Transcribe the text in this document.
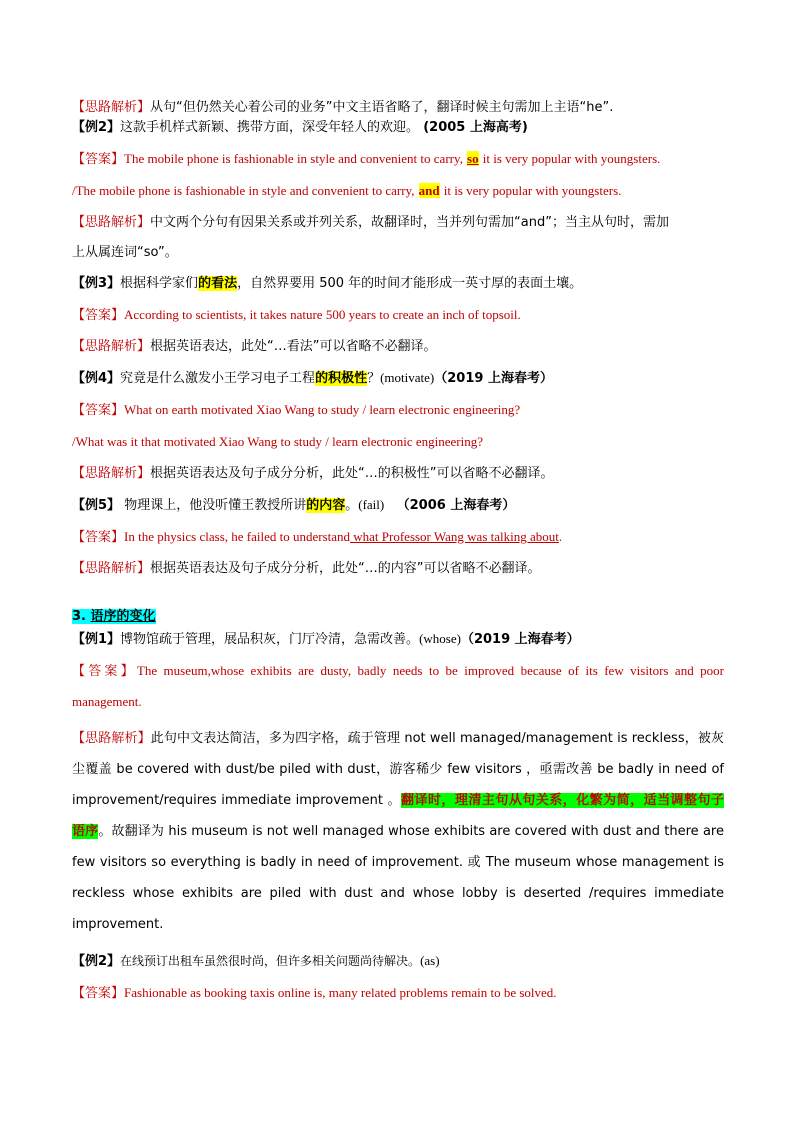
【思路解析】从句“但仍然关心着公司的业务”中文主语省略了，翻译时候主句需加上主语“he”.

【例2】这款手机样式新颖、携带方面，深受年轻人的欢迎。 (2005 上海高考)

【答案】The mobile phone is fashionable in style and convenient to carry, so it is very popular with youngsters.

/The mobile phone is fashionable in style and convenient to carry, and it is very popular with youngsters.

【思路解析】中文两个分句有因果关系或并列关系，故翻译时，当并列句需加“and”；当主从句时，需加

上从属连词“so”。

【例3】根据科学家们的看法，自然界要用 500 年的时间才能形成一英寸厚的表面土壤。

【答案】According to scientists, it takes nature 500 years to create an inch of topsoil.

【思路解析】根据英语表达，此处“…看法”可以省略不必翻译。

【例4】究竟是什么激发小王学习电子工程的积极性？(motivate)（2019 上海春考）

【答案】What on earth motivated Xiao Wang to study / learn electronic engineering?

/What was it that motivated Xiao Wang to study / learn electronic engineering?

【思路解析】根据英语表达及句子成分分析，此处“…的积极性”可以省略不必翻译。

【例5】 物理课上，他没听懂王教授所讲的内容。(fail) （2006 上海春考）

【答案】In the physics class, he failed to understand what Professor Wang was talking about.

【思路解析】根据英语表达及句子成分分析，此处“…的内容”可以省略不必翻译。

3. 语序的变化

【例1】博物馆疏于管理，展品积灰，门厅冷清，急需改善。(whose)（2019 上海春考）

【答案】The museum,whose exhibits are dusty, badly needs to be improved because of its few visitors and poor

management.

【思路解析】此句中文表达简洁，多为四字格，疏于管理 not well managed/management is reckless，被灰尘覆盖 be covered with dust/be piled with dust，游客稀少 few visitors ，亟需改善 be badly in need of improvement/requires immediate improvement 。翻译时，理清主句从句关系，化繁为简，适当调整句子语序。故翻译为 his museum is not well managed whose exhibits are covered with dust and there are few visitors so everything is badly in need of improvement. 或 The museum whose management is reckless whose exhibits are piled with dust and whose lobby is deserted /requires immediate improvement.

【例2】在线预订出租车虽然很时尚，但许多相关问题尚待解决。(as)

【答案】Fashionable as booking taxis online is, many related problems remain to be solved.
